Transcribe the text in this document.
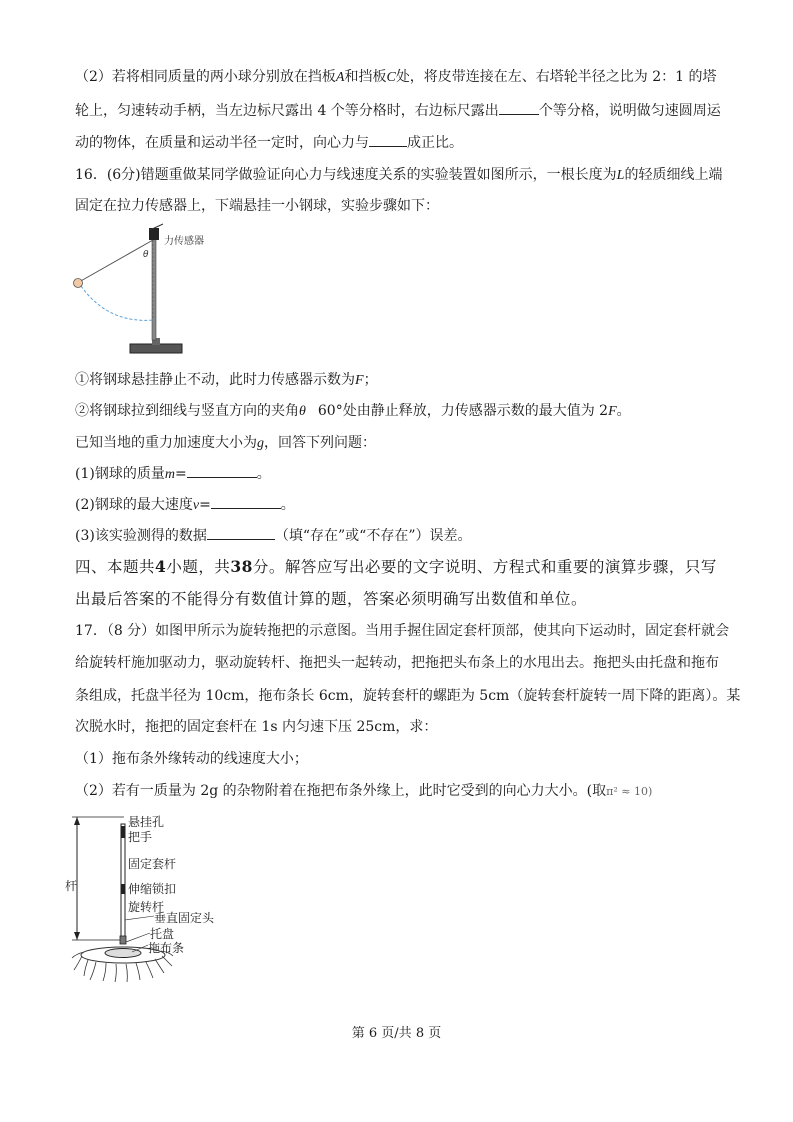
（2）若将相同质量的两小球分别放在挡板A和挡板C处，将皮带连接在左、右塔轮半径之比为 2：1 的塔
轮上，匀速转动手柄，当左边标尺露出 4 个等分格时，右边标尺露出	个等分格，说明做匀速圆周运
动的物体，在质量和运动半径一定时，向心力与	成正比。
16．(6分)错题重做某同学做验证向心力与线速度关系的实验装置如图所示，一根长度为L的轻质细线上端
固定在拉力传感器上，下端悬挂一小钢球，实验步骤如下：
力传感器
θ
①将钢球悬挂静止不动，此时力传感器示数为F；
②将钢球拉到细线与竖直方向的夹角θ 60°处由静止释放，力传感器示数的最大值为 2F。
已知当地的重力加速度大小为g，回答下列问题：
(1)钢球的质量m=	。
(2)钢球的最大速度v=	。
(3)该实验测得的数据	（填“存在”或“不存在”）误差。
四、本题共4小题，共38分。解答应写出必要的文字说明、方程式和重要的演算步骤，只写
出最后答案的不能得分有数值计算的题，答案必须明确写出数值和单位。
17．（8 分）如图甲所示为旋转拖把的示意图。当用手握住固定套杆顶部，使其向下运动时，固定套杆就会
给旋转杆施加驱动力，驱动旋转杆、拖把头一起转动，把拖把头布条上的水甩出去。拖把头由托盘和拖布
条组成，托盘半径为 10cm，拖布条长 6cm，旋转套杆的螺距为 5cm（旋转套杆旋转一周下降的距离）。某
次脱水时，拖把的固定套杆在 1s 内匀速下压 25cm，求：
（1）拖布条外缘转动的线速度大小；
（2）若有一质量为 2g 的杂物附着在拖把布条外缘上，此时它受到的向心力大小。(取π² ≈ 10)
杆
悬挂孔
把手
固定套杆
伸缩锁扣
旋转杆
垂直固定头
托盘
拖布条
第 6 页/共 8 页
